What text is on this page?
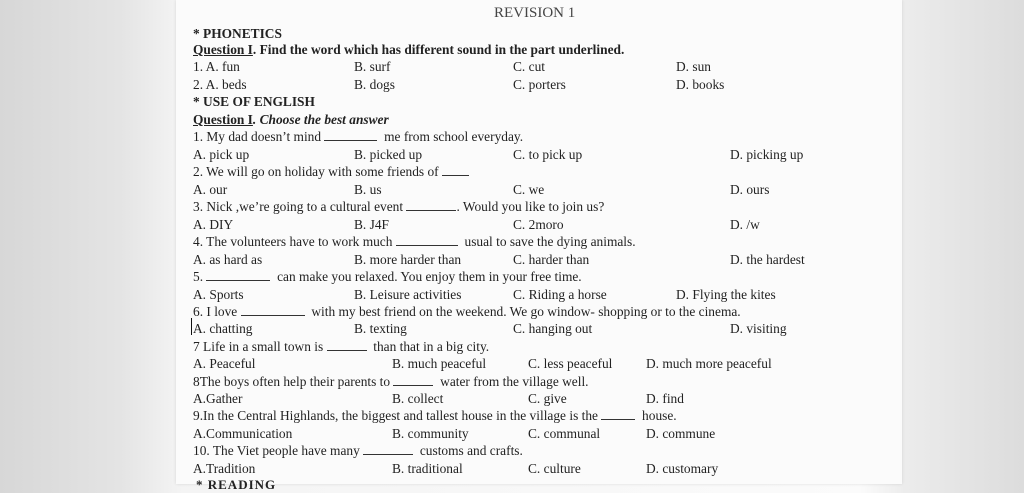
REVISION 1
* PHONETICS
Question I. Find the word which has different sound in the part underlined.
1. A. fun	B. surf	C. cut	D. sun
2. A. beds	B. dogs	C. porters	D. books
* USE OF ENGLISH
Question I. Choose the best answer
1. My dad doesn’t mind	me from school everyday.
A. pick up	B. picked up	C. to pick up	D. picking up
2. We will go on holiday with some friends of
A. our	B. us	C. we	D. ours
3. Nick ,we’re going to a cultural event	. Would you like to join us?
A. DIY	B. J4F	C. 2moro	D. /w
4. The volunteers have to work much	usual to save the dying animals.
A. as hard as	B. more harder than	C. harder than	D. the hardest
5.	can make you relaxed. You enjoy them in your free time.
A. Sports	B. Leisure activities	C. Riding a horse	D. Flying the kites
6. I love	with my best friend on the weekend. We go window- shopping or to the cinema.
A. chatting	B. texting	C. hanging out	D. visiting
7 Life in a small town is	than that in a big city.
A. Peaceful	B. much peaceful	C. less peaceful	D. much more peaceful
8The boys often help their parents to	water from the village well.
A.Gather	B. collect	C. give	D. find
9.In the Central Highlands, the biggest and tallest house in the village is the	house.
A.Communication	B. community	C. communal	D. commune
10. The Viet people have many	customs and crafts.
A.Tradition	B. traditional	C. culture	D. customary
* READING
